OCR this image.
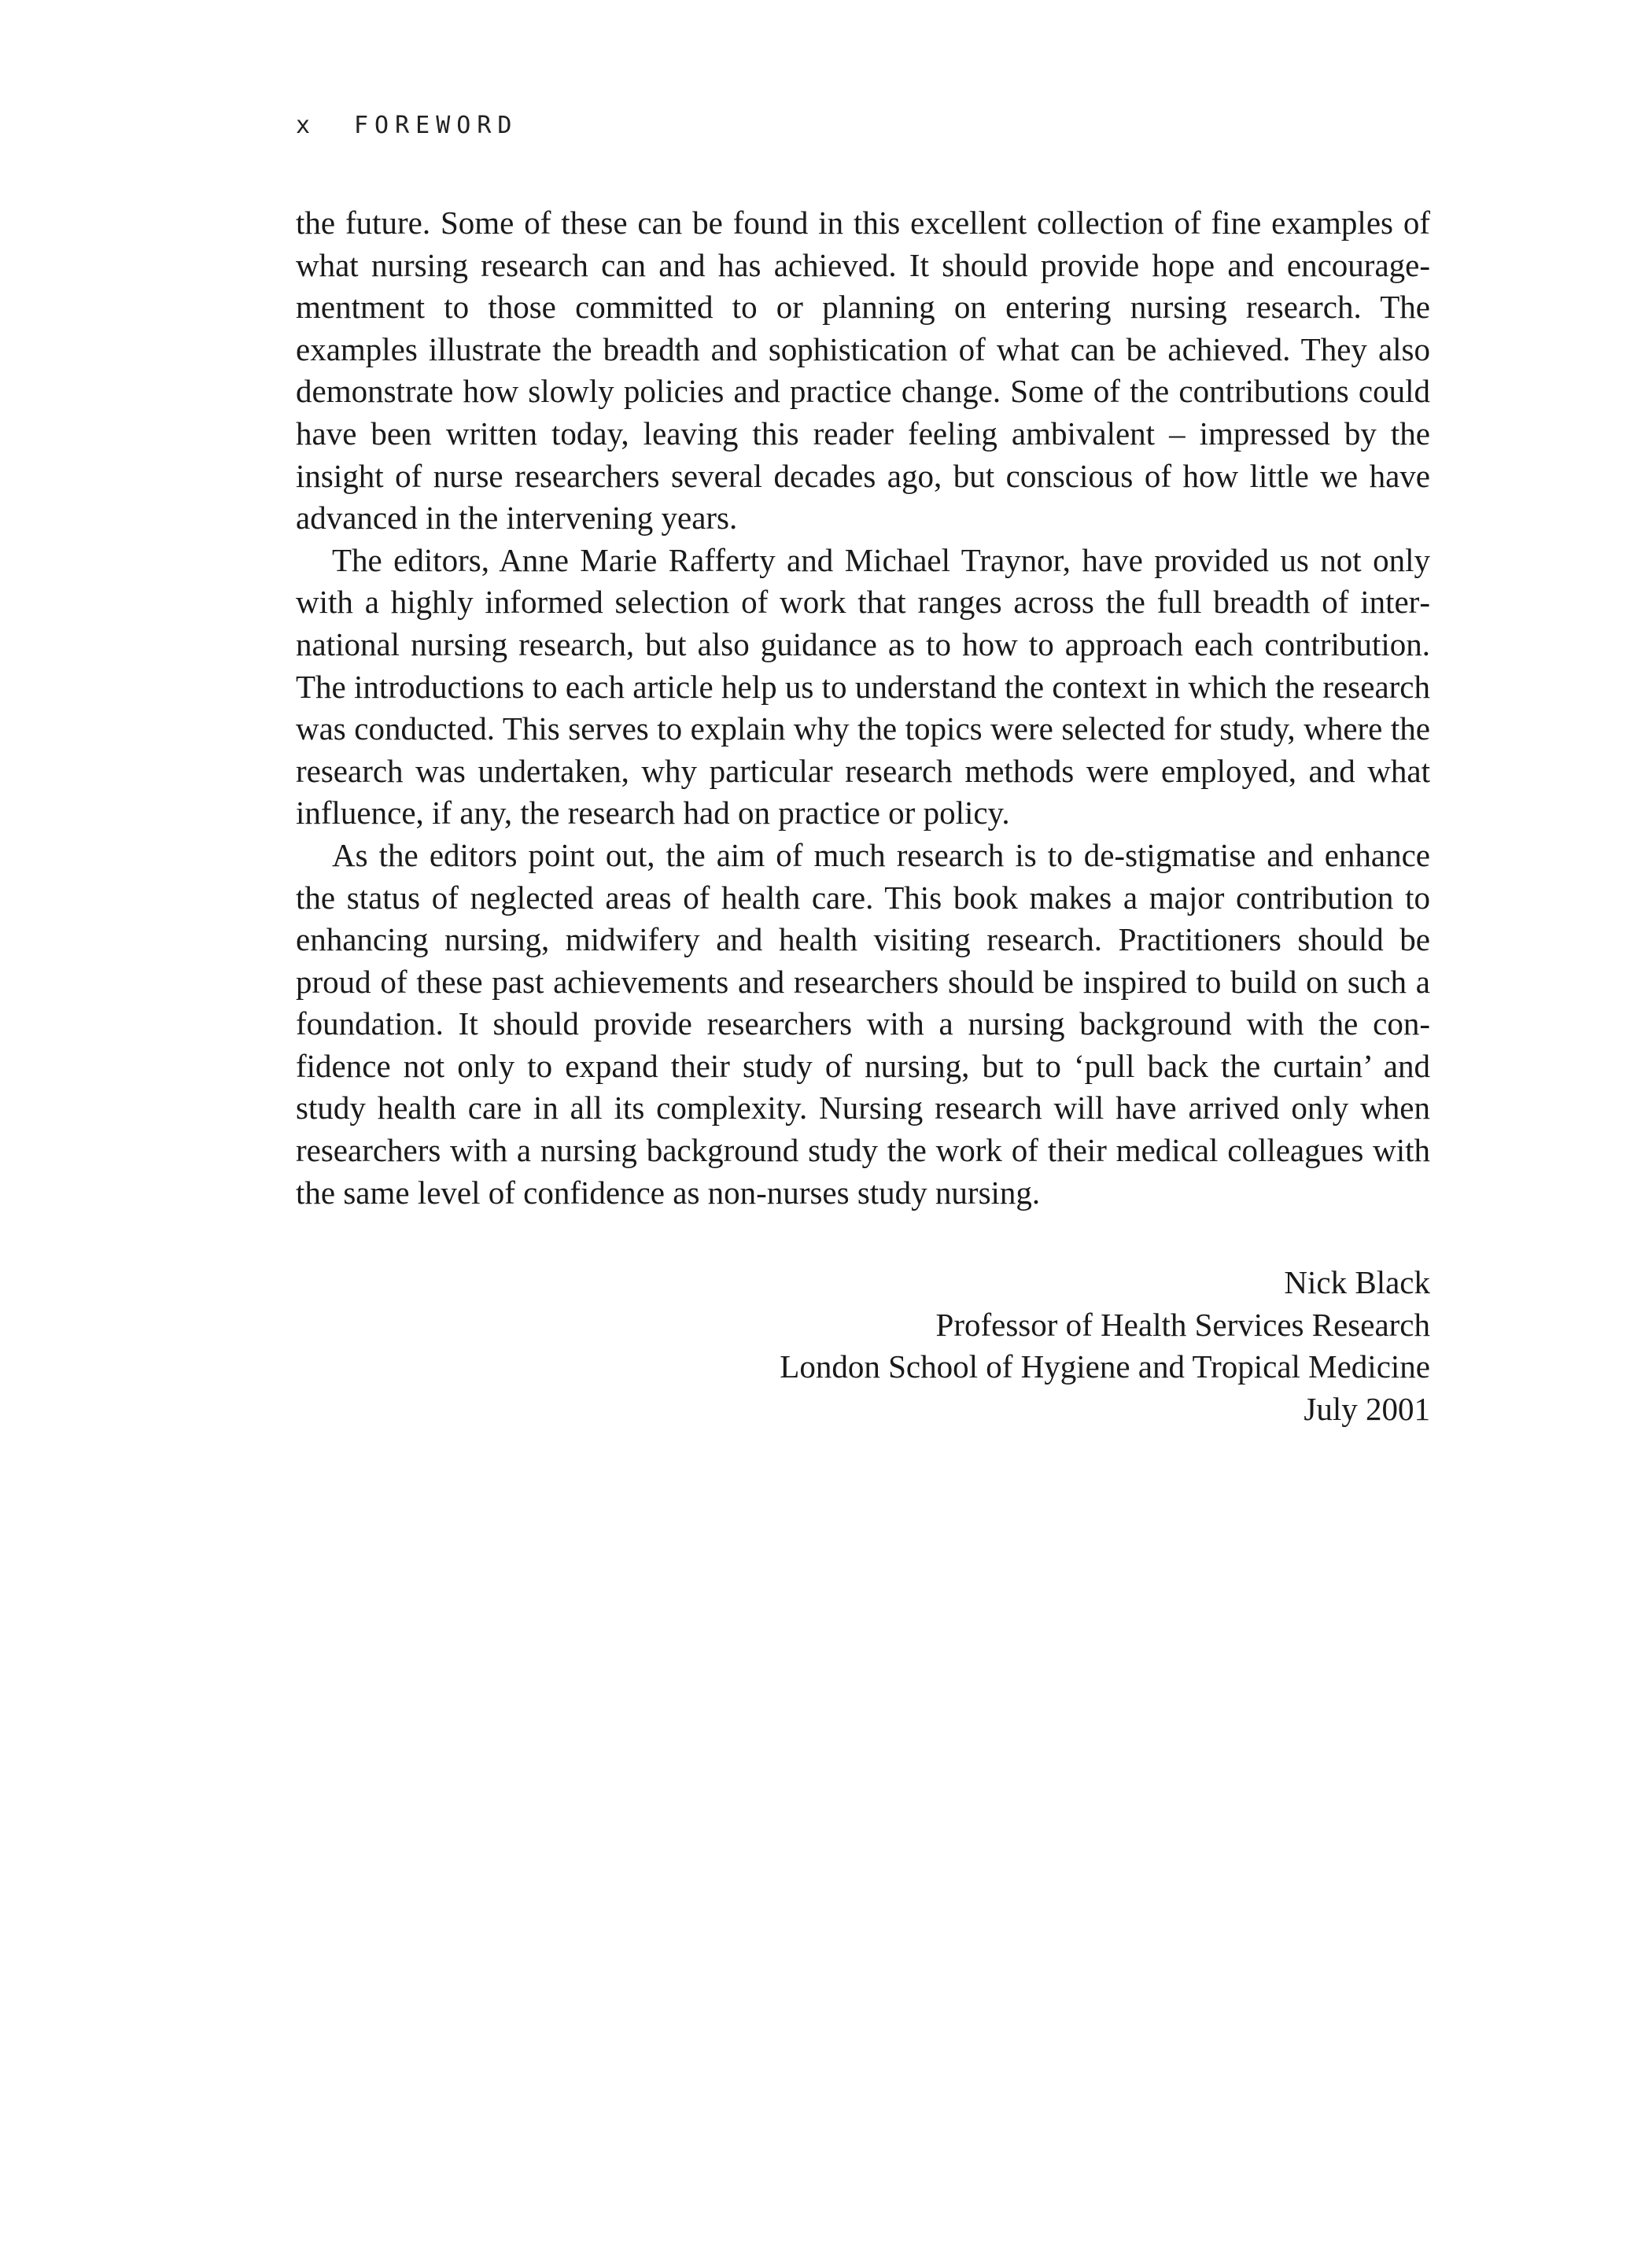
x FOREWORD

the future. Some of these can be found in this excellent collection of fine examples of what nursing research can and has achieved. It should provide hope and encouragementment to those committed to or planning on entering nursing research. The examples illustrate the breadth and sophistication of what can be achieved. They also demonstrate how slowly policies and practice change. Some of the contributions could have been written today, leaving this reader feeling ambivalent – impressed by the insight of nurse researchers several decades ago, but conscious of how little we have advanced in the intervening years.

The editors, Anne Marie Rafferty and Michael Traynor, have provided us not only with a highly informed selection of work that ranges across the full breadth of international nursing research, but also guidance as to how to approach each contribution. The introductions to each article help us to understand the context in which the research was conducted. This serves to explain why the topics were selected for study, where the research was undertaken, why particular research methods were employed, and what influence, if any, the research had on practice or policy.

As the editors point out, the aim of much research is to de-stigmatise and enhance the status of neglected areas of health care. This book makes a major contribution to enhancing nursing, midwifery and health visiting research. Practitioners should be proud of these past achievements and researchers should be inspired to build on such a foundation. It should provide researchers with a nursing background with the confidence not only to expand their study of nursing, but to ‘pull back the curtain’ and study health care in all its complexity. Nursing research will have arrived only when researchers with a nursing background study the work of their medical colleagues with the same level of confidence as non-nurses study nursing.

Nick Black
Professor of Health Services Research
London School of Hygiene and Tropical Medicine
July 2001
